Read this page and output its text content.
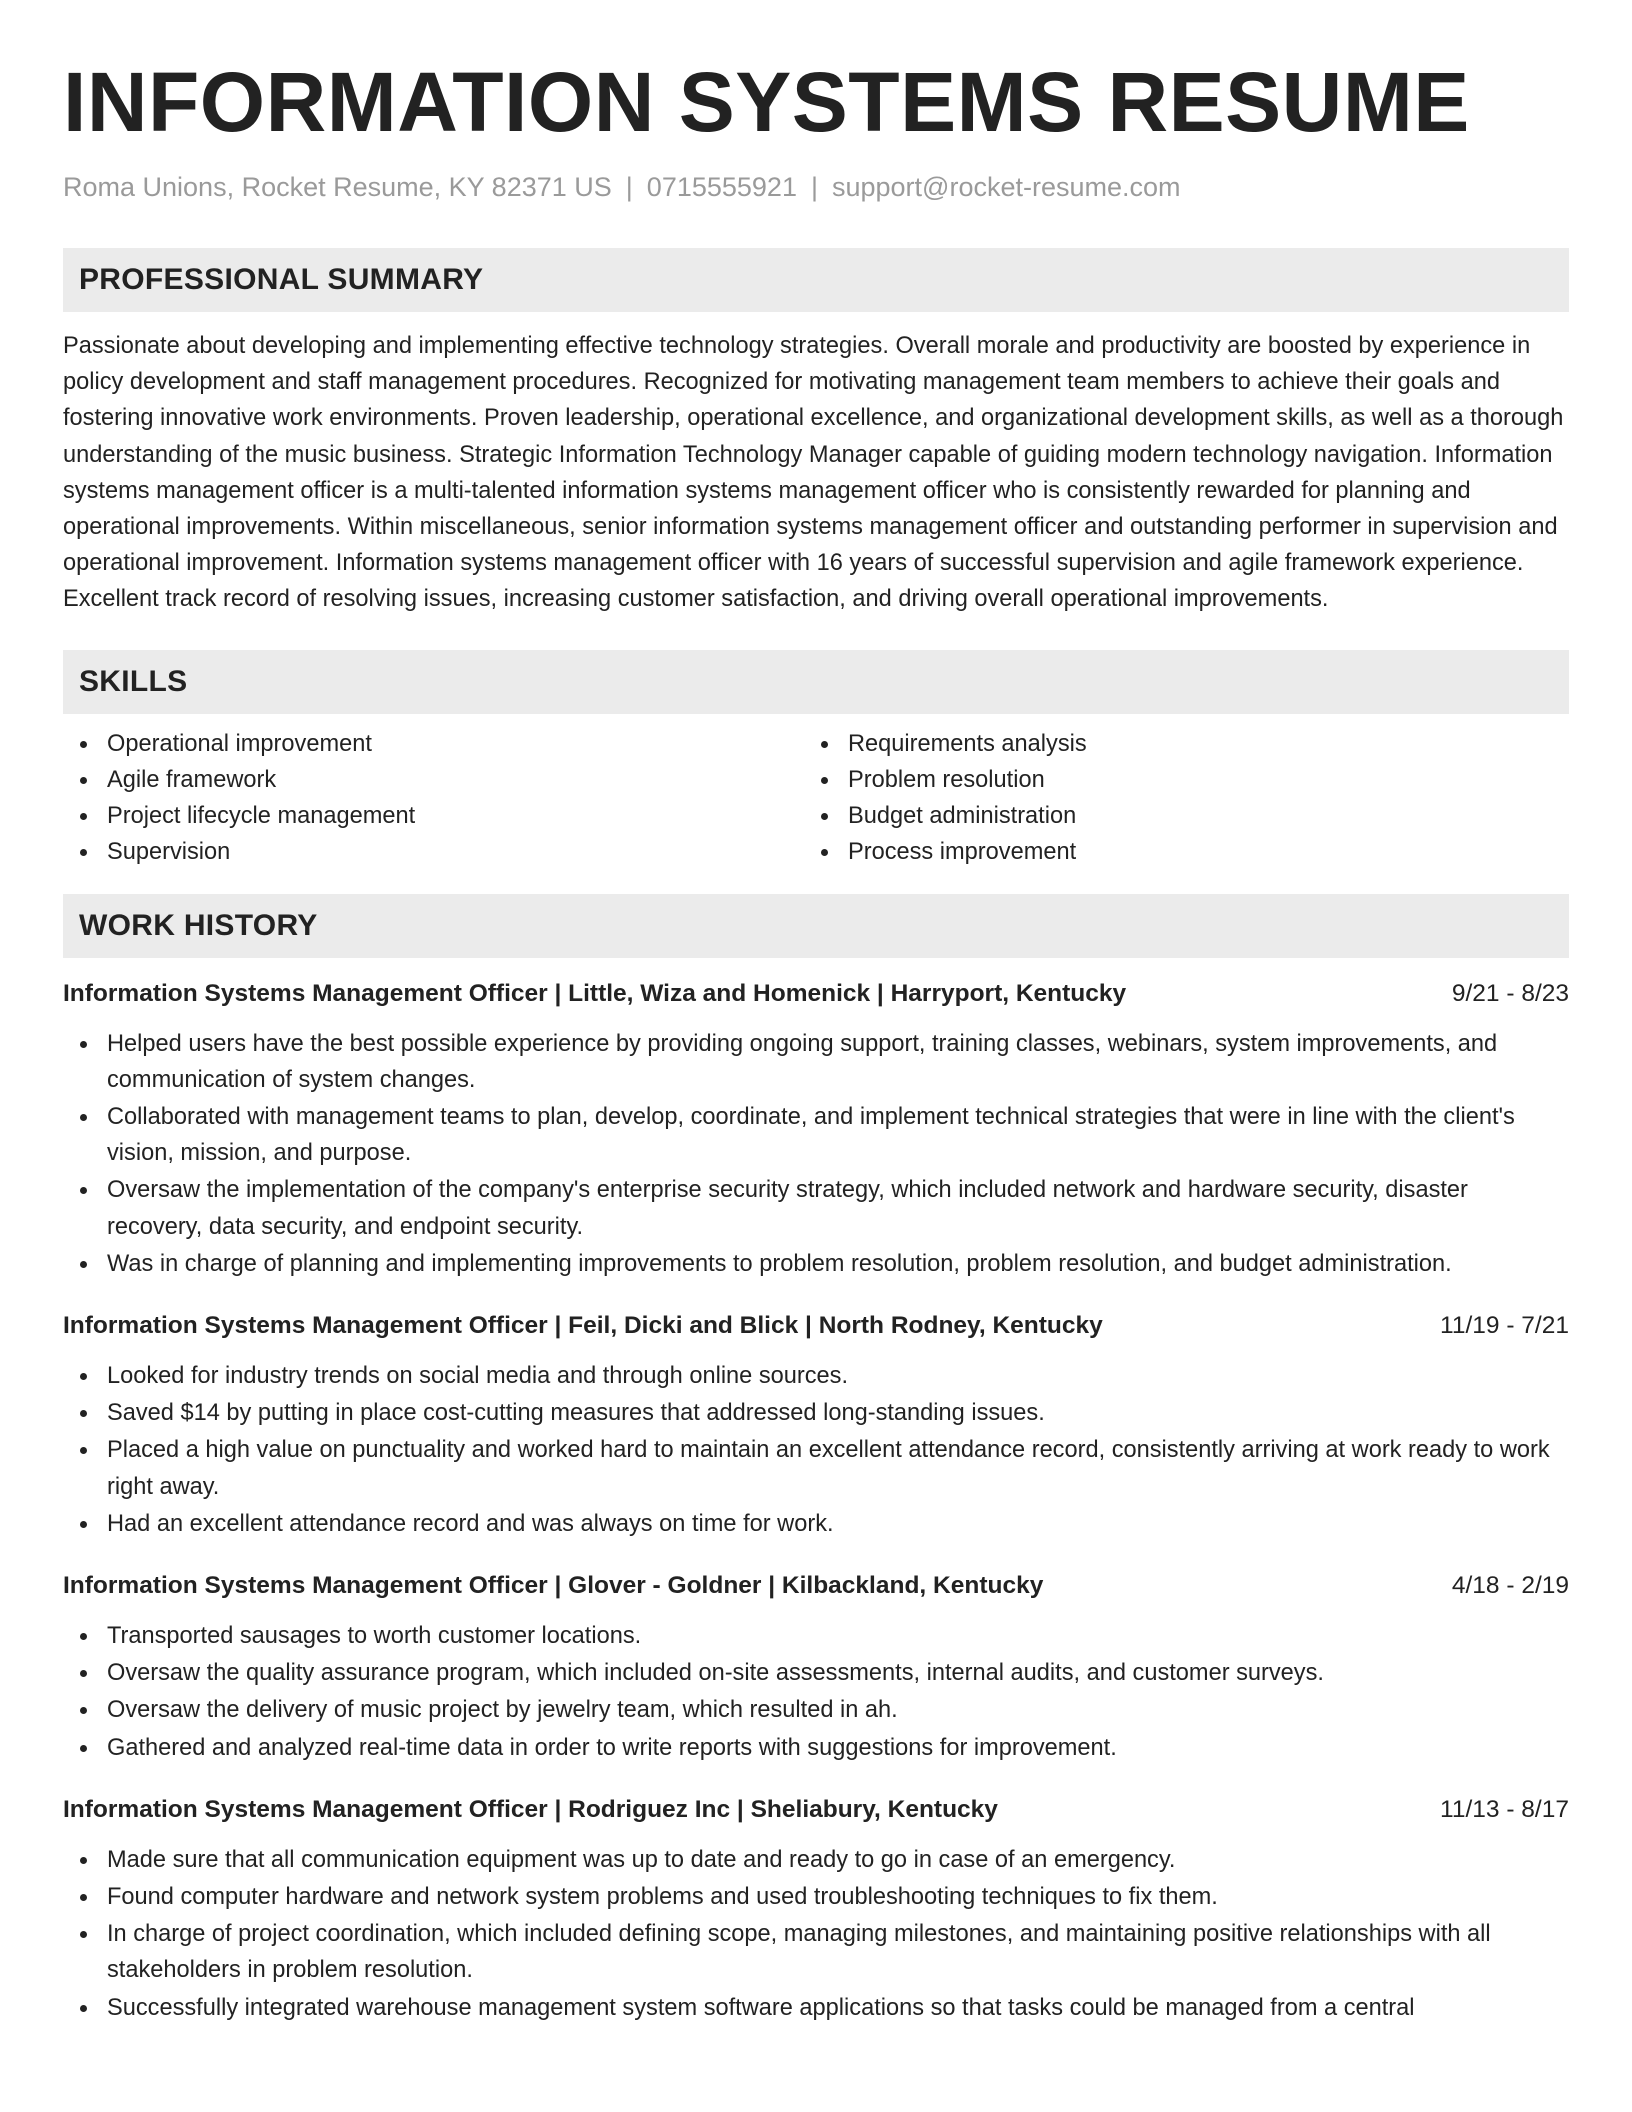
INFORMATION SYSTEMS RESUME
Roma Unions, Rocket Resume, KY 82371 US | 0715555921 | support@rocket-resume.com
PROFESSIONAL SUMMARY

Passionate about developing and implementing effective technology strategies. Overall morale and productivity are boosted by experience in policy development and staff management procedures. Recognized for motivating management team members to achieve their goals and fostering innovative work environments. Proven leadership, operational excellence, and organizational development skills, as well as a thorough understanding of the music business. Strategic Information Technology Manager capable of guiding modern technology navigation. Information systems management officer is a multi-talented information systems management officer who is consistently rewarded for planning and operational improvements. Within miscellaneous, senior information systems management officer and outstanding performer in supervision and operational improvement. Information systems management officer with 16 years of successful supervision and agile framework experience. Excellent track record of resolving issues, increasing customer satisfaction, and driving overall operational improvements.

SKILLS
Operational improvement
Agile framework
Project lifecycle management
Supervision
Requirements analysis
Problem resolution
Budget administration
Process improvement
WORK HISTORY
Information Systems Management Officer | Little, Wiza and Homenick | Harryport, Kentucky	9/21 - 8/23
Helped users have the best possible experience by providing ongoing support, training classes, webinars, system improvements, and communication of system changes.
Collaborated with management teams to plan, develop, coordinate, and implement technical strategies that were in line with the client's vision, mission, and purpose.
Oversaw the implementation of the company's enterprise security strategy, which included network and hardware security, disaster recovery, data security, and endpoint security.
Was in charge of planning and implementing improvements to problem resolution, problem resolution, and budget administration.
Information Systems Management Officer | Feil, Dicki and Blick | North Rodney, Kentucky	11/19 - 7/21
Looked for industry trends on social media and through online sources.
Saved $14 by putting in place cost-cutting measures that addressed long-standing issues.
Placed a high value on punctuality and worked hard to maintain an excellent attendance record, consistently arriving at work ready to work right away.
Had an excellent attendance record and was always on time for work.
Information Systems Management Officer | Glover - Goldner | Kilbackland, Kentucky	4/18 - 2/19
Transported sausages to worth customer locations.
Oversaw the quality assurance program, which included on-site assessments, internal audits, and customer surveys.
Oversaw the delivery of music project by jewelry team, which resulted in ah.
Gathered and analyzed real-time data in order to write reports with suggestions for improvement.
Information Systems Management Officer | Rodriguez Inc | Sheliabury, Kentucky	11/13 - 8/17
Made sure that all communication equipment was up to date and ready to go in case of an emergency.
Found computer hardware and network system problems and used troubleshooting techniques to fix them.
In charge of project coordination, which included defining scope, managing milestones, and maintaining positive relationships with all stakeholders in problem resolution.
Successfully integrated warehouse management system software applications so that tasks could be managed from a central
